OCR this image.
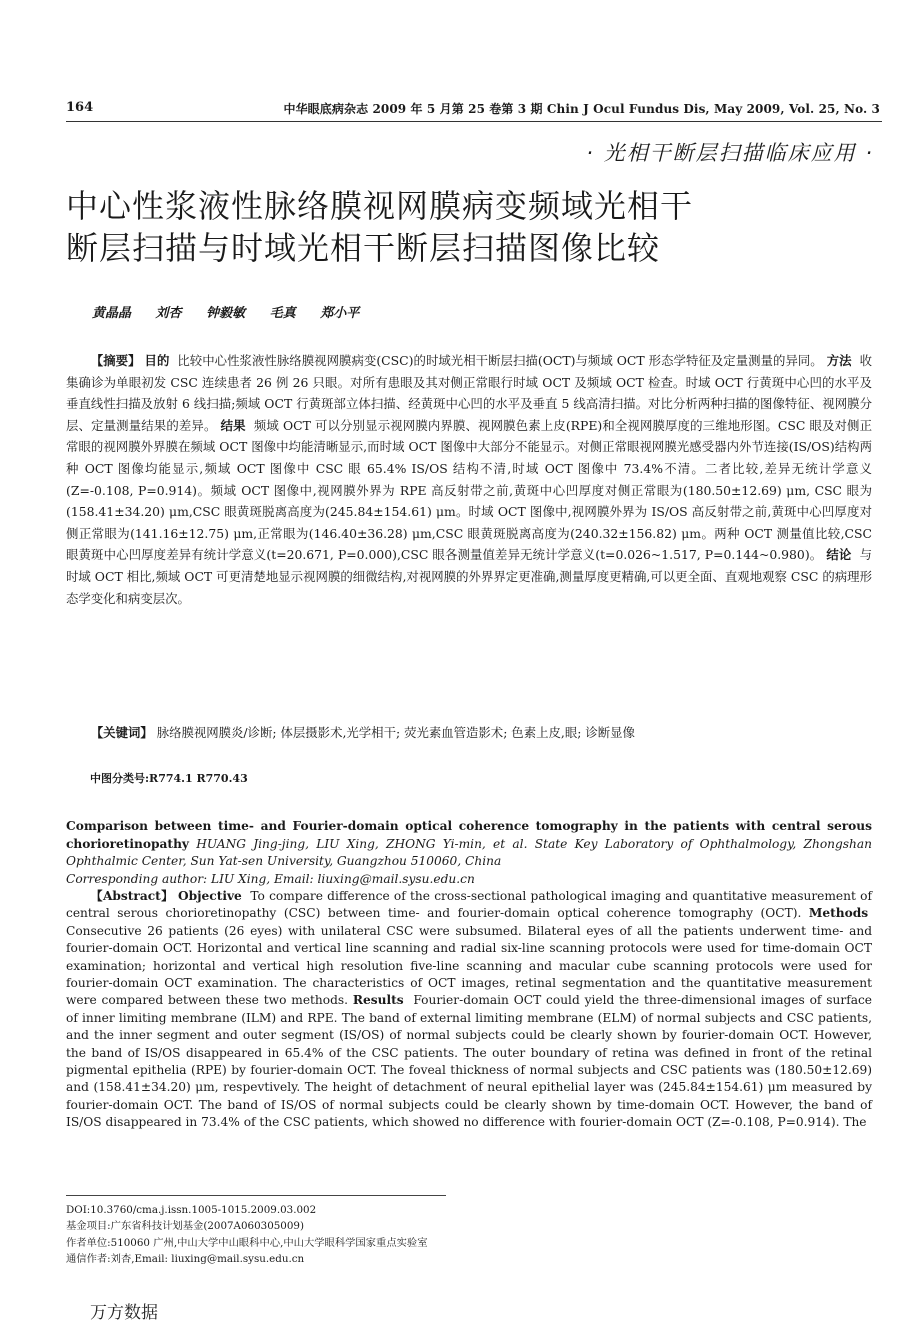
164	中华眼底病杂志 2009 年 5 月第 25 卷第 3 期 Chin J Ocul Fundus Dis, May 2009, Vol. 25, No. 3
· 光相干断层扫描临床应用 ·
中心性浆液性脉络膜视网膜病变频域光相干
断层扫描与时域光相干断层扫描图像比较
黄晶晶 刘杏 钟毅敏 毛真 郑小平

【摘要】 目的 比较中心性浆液性脉络膜视网膜病变(CSC)的时域光相干断层扫描(OCT)与频域 OCT 形态学特征及定量测量的异同。 方法 收集确诊为单眼初发 CSC 连续患者 26 例 26 只眼。对所有患眼及其对侧正常眼行时域 OCT 及频域 OCT 检查。时域 OCT 行黄斑中心凹的水平及垂直线性扫描及放射 6 线扫描;频域 OCT 行黄斑部立体扫描、经黄斑中心凹的水平及垂直 5 线高清扫描。对比分析两种扫描的图像特征、视网膜分层、定量测量结果的差异。 结果 频域 OCT 可以分别显示视网膜内界膜、视网膜色素上皮(RPE)和全视网膜厚度的三维地形图。CSC 眼及对侧正常眼的视网膜外界膜在频域 OCT 图像中均能清晰显示,而时域 OCT 图像中大部分不能显示。对侧正常眼视网膜光感受器内外节连接(IS/OS)结构两种 OCT 图像均能显示,频域 OCT 图像中 CSC 眼 65.4% IS/OS 结构不清,时域 OCT 图像中 73.4%不清。二者比较,差异无统计学意义(Z=-0.108, P=0.914)。频域 OCT 图像中,视网膜外界为 RPE 高反射带之前,黄斑中心凹厚度对侧正常眼为(180.50±12.69) μm, CSC 眼为(158.41±34.20) μm,CSC 眼黄斑脱离高度为(245.84±154.61) μm。时域 OCT 图像中,视网膜外界为 IS/OS 高反射带之前,黄斑中心凹厚度对侧正常眼为(141.16±12.75) μm,正常眼为(146.40±36.28) μm,CSC 眼黄斑脱离高度为(240.32±156.82) μm。两种 OCT 测量值比较,CSC 眼黄斑中心凹厚度差异有统计学意义(t=20.671, P=0.000),CSC 眼各测量值差异无统计学意义(t=0.026~1.517, P=0.144~0.980)。 结论 与时域 OCT 相比,频域 OCT 可更清楚地显示视网膜的细微结构,对视网膜的外界界定更准确,测量厚度更精确,可以更全面、直观地观察 CSC 的病理形态学变化和病变层次。

【关键词】 脉络膜视网膜炎/诊断; 体层摄影术,光学相干; 荧光素血管造影术; 色素上皮,眼; 诊断显像

中图分类号:R774.1 R770.43
Comparison between time- and Fourier-domain optical coherence tomography in the patients with central serous chorioretinopathy HUANG Jing-jing, LIU Xing, ZHONG Yi-min, et al. State Key Laboratory of Ophthalmology, Zhongshan Ophthalmic Center, Sun Yat-sen University, Guangzhou 510060, China
Corresponding author: LIU Xing, Email: liuxing@mail.sysu.edu.cn

【Abstract】 Objective To compare difference of the cross-sectional pathological imaging and quantitative measurement of central serous chorioretinopathy (CSC) between time- and fourier-domain optical coherence tomography (OCT). Methods  Consecutive 26 patients (26 eyes) with unilateral CSC were subsumed. Bilateral eyes of all the patients underwent time- and fourier-domain OCT. Horizontal and vertical line scanning and radial six-line scanning protocols were used for time-domain OCT examination; horizontal and vertical high resolution five-line scanning and macular cube scanning protocols were used for fourier-domain OCT examination. The characteristics of OCT images, retinal segmentation and the quantitative measurement were compared between these two methods. Results Fourier-domain OCT could yield the three-dimensional images of surface of inner limiting membrane (ILM) and RPE. The band of external limiting membrane (ELM) of normal subjects and CSC patients, and the inner segment and outer segment (IS/OS) of normal subjects could be clearly shown by fourier-domain OCT. However, the band of IS/OS disappeared in 65.4% of the CSC patients. The outer boundary of retina was defined in front of the retinal pigmental epithelia (RPE) by fourier-domain OCT. The foveal thickness of normal subjects and CSC patients was (180.50±12.69) and (158.41±34.20) μm, respevtively. The height of detachment of neural epithelial layer was (245.84±154.61) μm measured by fourier-domain OCT. The band of IS/OS of normal subjects could be clearly shown by time-domain OCT. However, the band of IS/OS disappeared in 73.4% of the CSC patients, which showed no difference with fourier-domain OCT (Z=-0.108, P=0.914). The

DOI:10.3760/cma.j.issn.1005-1015.2009.03.002
基金项目:广东省科技计划基金(2007A060305009)
作者单位:510060 广州,中山大学中山眼科中心,中山大学眼科学国家重点实验室
通信作者:刘杏,Email: liuxing@mail.sysu.edu.cn
万方数据
